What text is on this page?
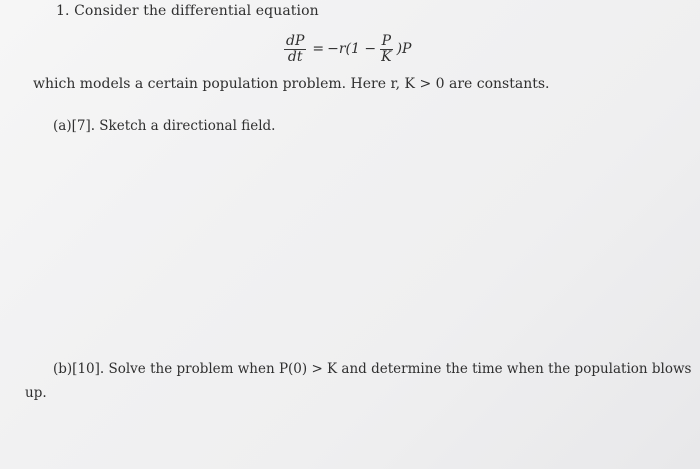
1. Consider the differential equation
$\frac{dP}{dt} = -r(1 - \frac{P}{K} )P$
which models a certain population problem. Here r, K > 0 are constants.
(a)[7]. Sketch a directional field.
(b)[10]. Solve the problem when P(0) > K and determine the time when the population blows
up.
